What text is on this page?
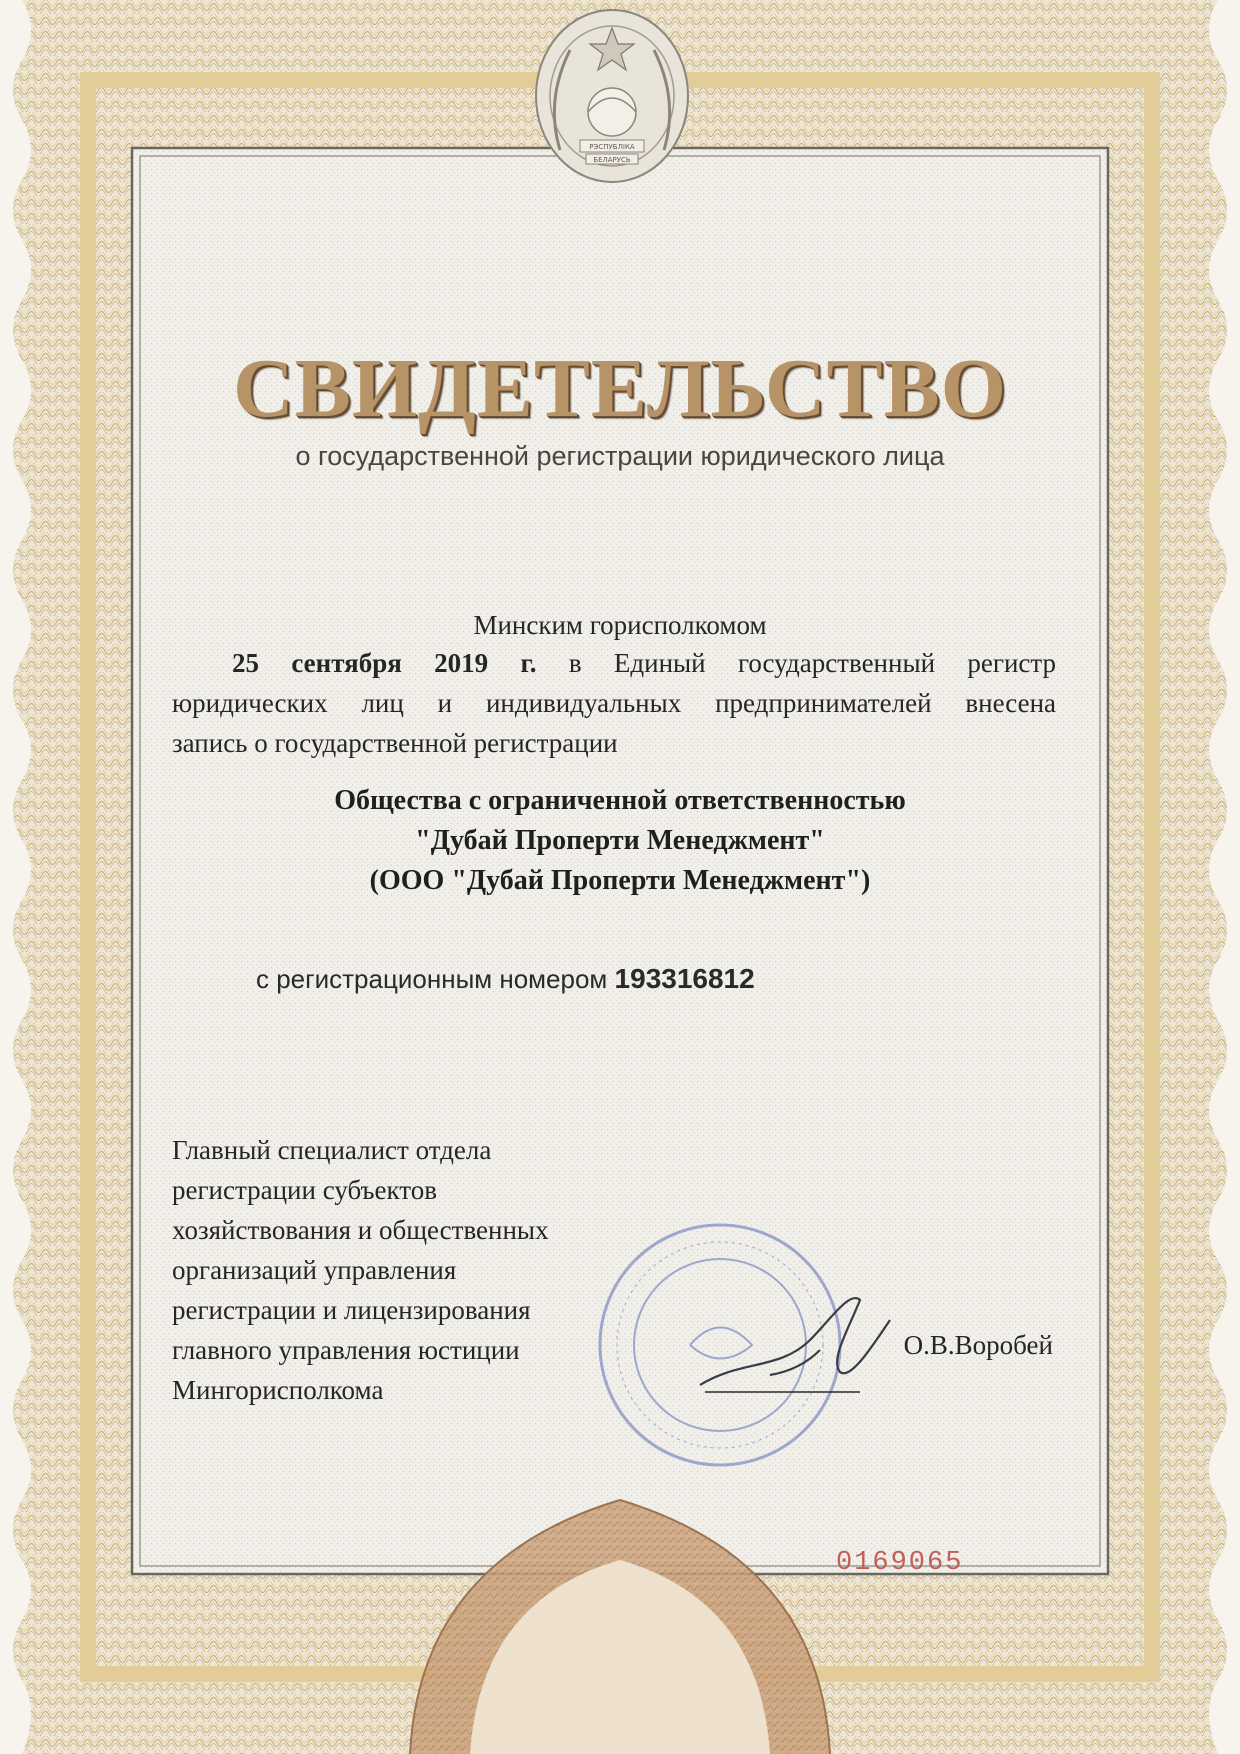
РЭСПУБЛІКА
БЕЛАРУСЬ
СВИДЕТЕЛЬСТВО
о государственной регистрации юридического лица
Минским горисполкомом
25 сентября 2019 г. в Единый государственный регистр
юридических лиц и индивидуальных предпринимателей внесена
запись о государственной регистрации
Общества с ограниченной ответственностью
"Дубай Проперти Менеджмент"
(ООО "Дубай Проперти Менеджмент")
с регистрационным номером 193316812
Главный специалист отдела
регистрации субъектов
хозяйствования и общественных
организаций управления
регистрации и лицензирования
главного управления юстиции
Мингорисполкома
О.В.Воробей
0169065
